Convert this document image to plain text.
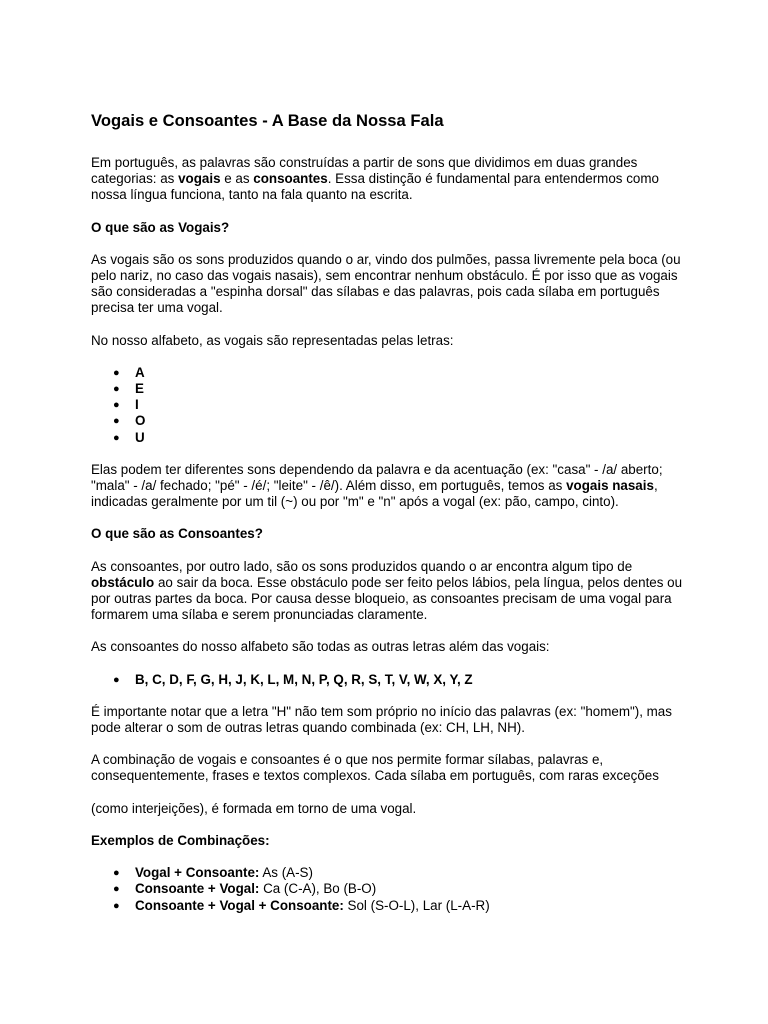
Vogais e Consoantes - A Base da Nossa Fala

Em português, as palavras são construídas a partir de sons que dividimos em duas grandes categorias: as vogais e as consoantes. Essa distinção é fundamental para entendermos como nossa língua funciona, tanto na fala quanto na escrita.

O que são as Vogais?

As vogais são os sons produzidos quando o ar, vindo dos pulmões, passa livremente pela boca (ou pelo nariz, no caso das vogais nasais), sem encontrar nenhum obstáculo. É por isso que as vogais são consideradas a "espinha dorsal" das sílabas e das palavras, pois cada sílaba em português precisa ter uma vogal.

No nosso alfabeto, as vogais são representadas pelas letras:

● A
● E
● I
● O
● U

Elas podem ter diferentes sons dependendo da palavra e da acentuação (ex: "casa" - /a/ aberto; "mala" - /a/ fechado; "pé" - /é/; "leite" - /ê/). Além disso, em português, temos as vogais nasais, indicadas geralmente por um til (~) ou por "m" e "n" após a vogal (ex: pão, campo, cinto).

O que são as Consoantes?

As consoantes, por outro lado, são os sons produzidos quando o ar encontra algum tipo de obstáculo ao sair da boca. Esse obstáculo pode ser feito pelos lábios, pela língua, pelos dentes ou por outras partes da boca. Por causa desse bloqueio, as consoantes precisam de uma vogal para formarem uma sílaba e serem pronunciadas claramente.

As consoantes do nosso alfabeto são todas as outras letras além das vogais:

● B, C, D, F, G, H, J, K, L, M, N, P, Q, R, S, T, V, W, X, Y, Z

É importante notar que a letra "H" não tem som próprio no início das palavras (ex: "homem"), mas pode alterar o som de outras letras quando combinada (ex: CH, LH, NH).

A combinação de vogais e consoantes é o que nos permite formar sílabas, palavras e, consequentemente, frases e textos complexos. Cada sílaba em português, com raras exceções

(como interjeições), é formada em torno de uma vogal.

Exemplos de Combinações:

● Vogal + Consoante: As (A-S)
● Consoante + Vogal: Ca (C-A), Bo (B-O)
● Consoante + Vogal + Consoante: Sol (S-O-L), Lar (L-A-R)
